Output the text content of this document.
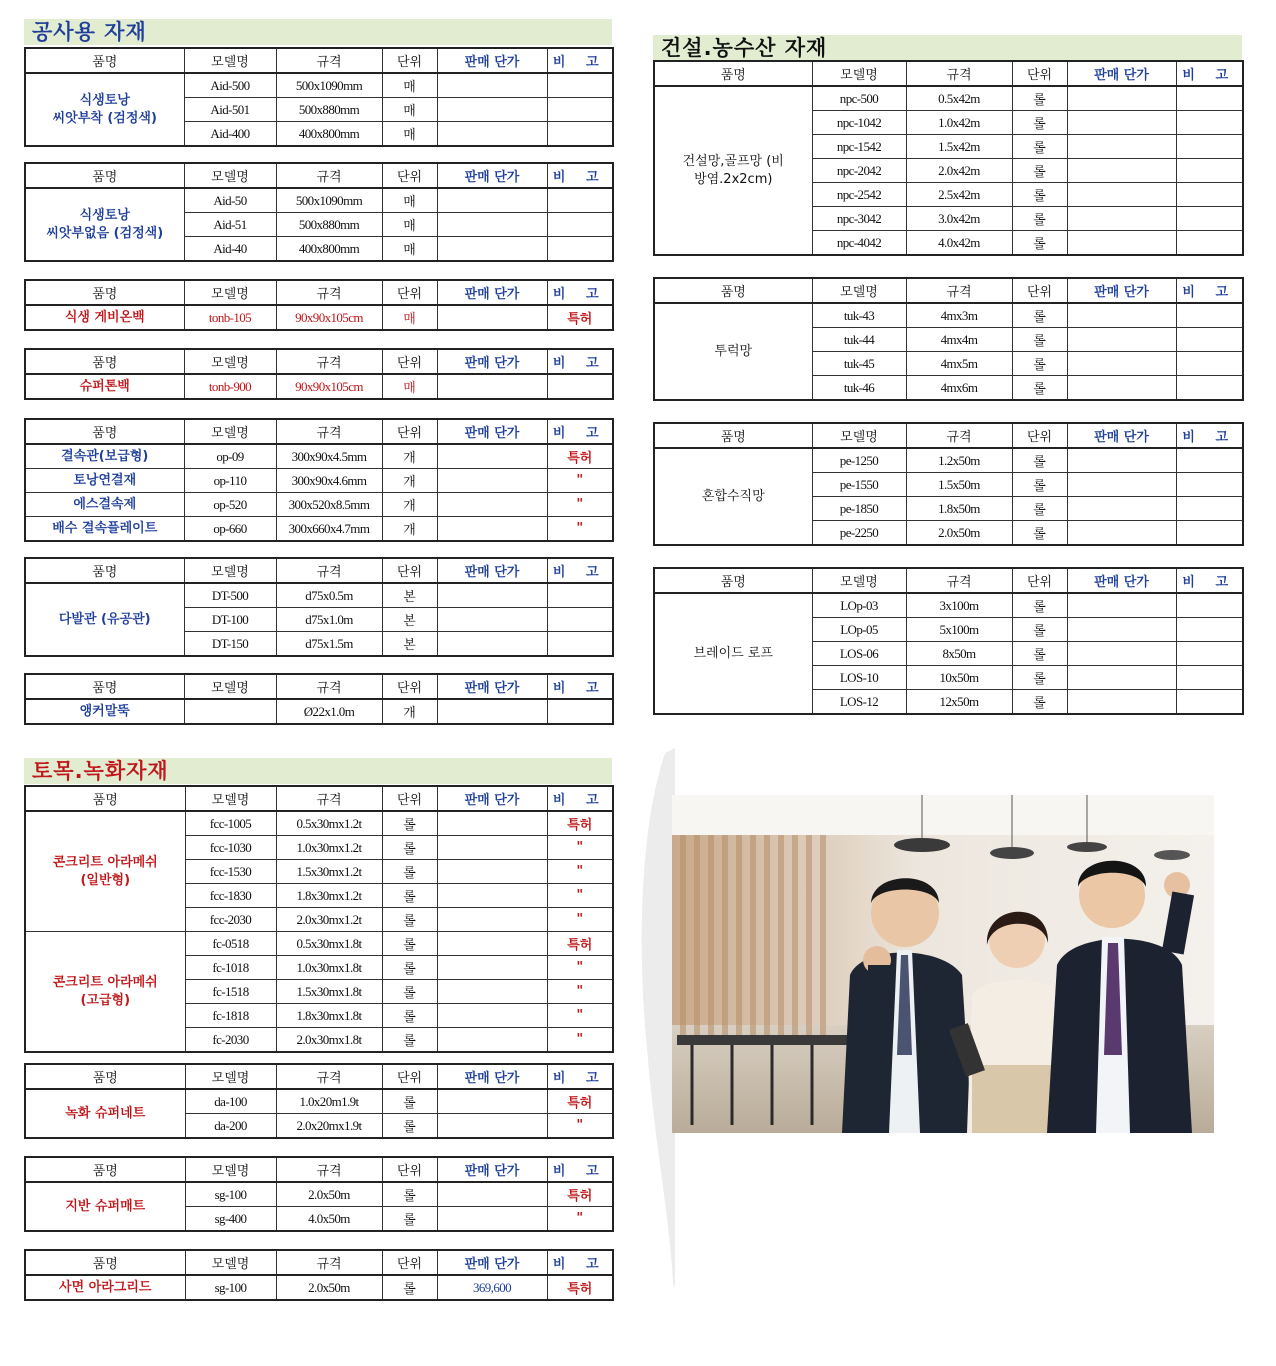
공사용 자재
건설.농수산 자재
토목.녹화자재
품명	모델명	규격	단위	판매 단가	비 고
식생토낭
씨앗부착 (검정색)	Aid-500	500x1090mm	매		
	Aid-501	500x880mm	매		
	Aid-400	400x800mm	매		
품명	모델명	규격	단위	판매 단가	비 고
식생토낭
씨앗부없음 (검정색)	Aid-50	500x1090mm	매		
	Aid-51	500x880mm	매		
	Aid-40	400x800mm	매		
품명	모델명	규격	단위	판매 단가	비 고
식생 게비온백	tonb-105	90x90x105cm	매		특허
품명	모델명	규격	단위	판매 단가	비 고
슈퍼톤백	tonb-900	90x90x105cm	매		
품명	모델명	규격	단위	판매 단가	비 고
결속관(보급형)	op-09	300x90x4.5mm	개		특허
토낭연결재	op-110	300x90x4.6mm	개		"
에스결속제	op-520	300x520x8.5mm	개		"
배수 결속플레이트	op-660	300x660x4.7mm	개		"
품명	모델명	규격	단위	판매 단가	비 고
다발관 (유공관)	DT-500	d75x0.5m	본		
	DT-100	d75x1.0m	본		
	DT-150	d75x1.5m	본		
품명	모델명	규격	단위	판매 단가	비 고
앵커말뚝		Ø22x1.0m	개		
품명	모델명	규격	단위	판매 단가	비 고
건설망,골프망 (비
방염.2x2cm)	npc-500	0.5x42m	롤		
	npc-1042	1.0x42m	롤		
	npc-1542	1.5x42m	롤		
	npc-2042	2.0x42m	롤		
	npc-2542	2.5x42m	롤		
	npc-3042	3.0x42m	롤		
	npc-4042	4.0x42m	롤		
품명	모델명	규격	단위	판매 단가	비 고
투럭망	tuk-43	4mx3m	롤		
	tuk-44	4mx4m	롤		
	tuk-45	4mx5m	롤		
	tuk-46	4mx6m	롤		
품명	모델명	규격	단위	판매 단가	비 고
혼합수직망	pe-1250	1.2x50m	롤		
	pe-1550	1.5x50m	롤		
	pe-1850	1.8x50m	롤		
	pe-2250	2.0x50m	롤		
품명	모델명	규격	단위	판매 단가	비 고
브레이드 로프	LOp-03	3x100m	롤		
	LOp-05	5x100m	롤		
	LOS-06	8x50m	롤		
	LOS-10	10x50m	롤		
	LOS-12	12x50m	롤		
품명	모델명	규격	단위	판매 단가	비 고
콘크리트 아라메쉬
(일반형)	fcc-1005	0.5x30mx1.2t	롤		특허
	fcc-1030	1.0x30mx1.2t	롤		"
	fcc-1530	1.5x30mx1.2t	롤		"
	fcc-1830	1.8x30mx1.2t	롤		"
	fcc-2030	2.0x30mx1.2t	롤		"
콘크리트 아라메쉬
(고급형)	fc-0518	0.5x30mx1.8t	롤		특허
	fc-1018	1.0x30mx1.8t	롤		"
	fc-1518	1.5x30mx1.8t	롤		"
	fc-1818	1.8x30mx1.8t	롤		"
	fc-2030	2.0x30mx1.8t	롤		"
품명	모델명	규격	단위	판매 단가	비 고
녹화 슈퍼네트	da-100	1.0x20m1.9t	롤		특허
	da-200	2.0x20mx1.9t	롤		"
품명	모델명	규격	단위	판매 단가	비 고
지반 슈퍼매트	sg-100	2.0x50m	롤		특허
	sg-400	4.0x50m	롤		"
품명	모델명	규격	단위	판매 단가	비 고
사면 아라그리드	sg-100	2.0x50m	롤	369,600	특허
